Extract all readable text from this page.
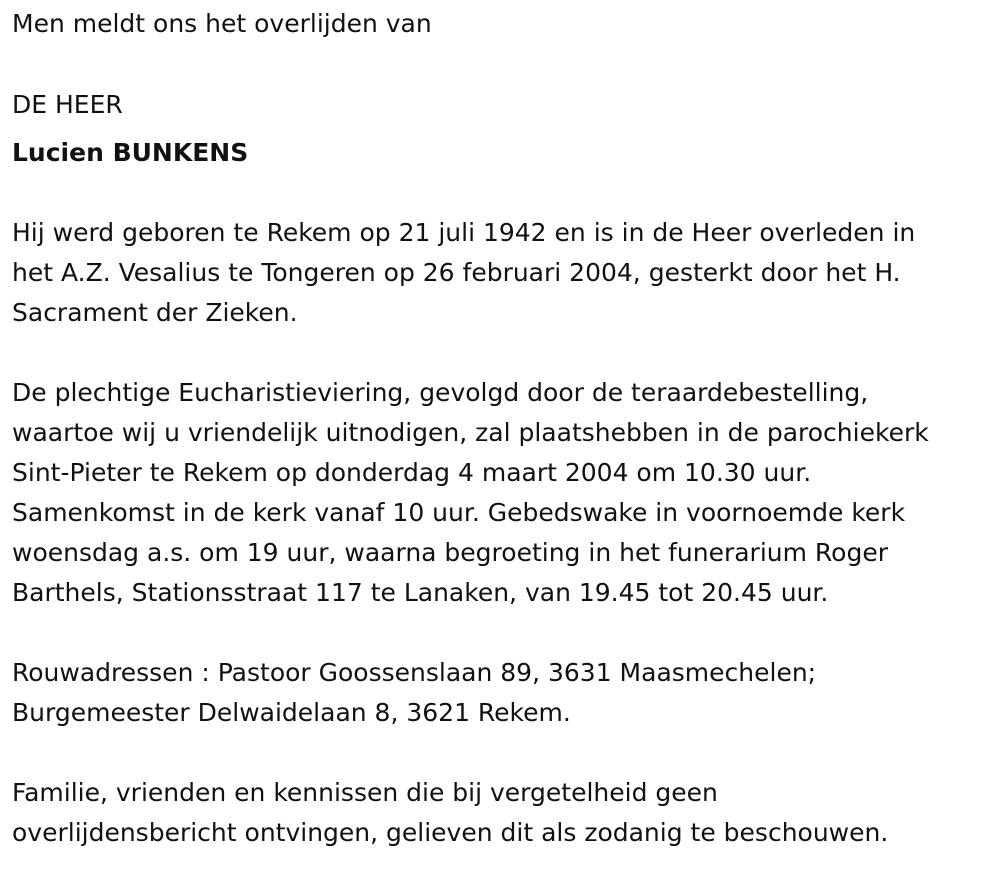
Men meldt ons het overlijden van

DE HEER

Lucien BUNKENS

Hij werd geboren te Rekem op 21 juli 1942 en is in de Heer overleden in

het A.Z. Vesalius te Tongeren op 26 februari 2004, gesterkt door het H.

Sacrament der Zieken.

De plechtige Eucharistieviering, gevolgd door de teraardebestelling,

waartoe wij u vriendelijk uitnodigen, zal plaatshebben in de parochiekerk

Sint-Pieter te Rekem op donderdag 4 maart 2004 om 10.30 uur.

Samenkomst in de kerk vanaf 10 uur. Gebedswake in voornoemde kerk

woensdag a.s. om 19 uur, waarna begroeting in het funerarium Roger

Barthels, Stationsstraat 117 te Lanaken, van 19.45 tot 20.45 uur.

Rouwadressen : Pastoor Goossenslaan 89, 3631 Maasmechelen;

Burgemeester Delwaidelaan 8, 3621 Rekem.

Familie, vrienden en kennissen die bij vergetelheid geen

overlijdensbericht ontvingen, gelieven dit als zodanig te beschouwen.
